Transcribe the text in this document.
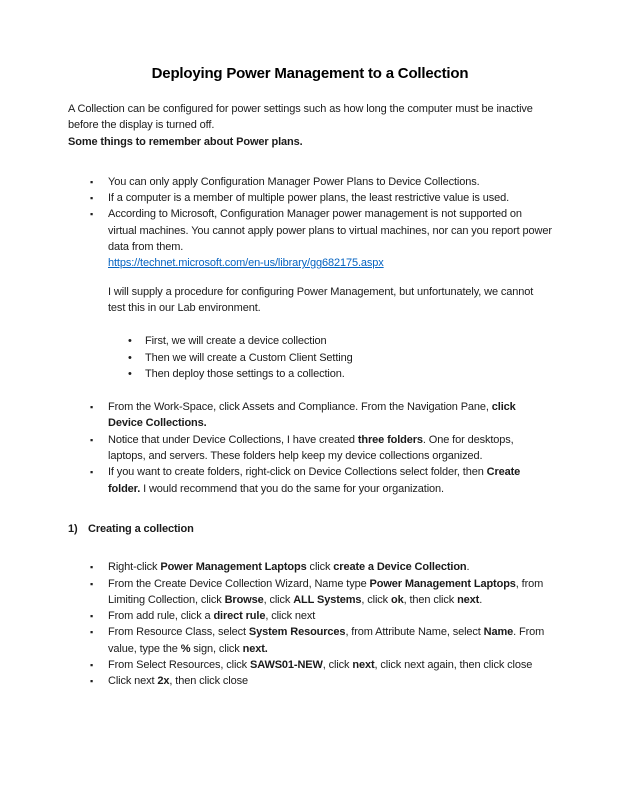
Deploying Power Management to a Collection

A Collection can be configured for power settings such as how long the computer must be inactive before the display is turned off.
Some things to remember about Power plans.

▪	You can only apply Configuration Manager Power Plans to Device Collections.
▪	If a computer is a member of multiple power plans, the least restrictive value is used.
▪	According to Microsoft, Configuration Manager power management is not supported on virtual machines. You cannot apply power plans to virtual machines, nor can you report power data from them.
https://technet.microsoft.com/en-us/library/gg682175.aspx

I will supply a procedure for configuring Power Management, but unfortunately, we cannot test this in our Lab environment.

•	First, we will create a device collection
•	Then we will create a Custom Client Setting
•	Then deploy those settings to a collection.
▪	From the Work-Space, click Assets and Compliance. From the Navigation Pane, click Device Collections.
▪	Notice that under Device Collections, I have created three folders. One for desktops, laptops, and servers. These folders help keep my device collections organized.
▪	If you want to create folders, right-click on Device Collections select folder, then Create folder. I would recommend that you do the same for your organization.
1) Creating a collection
▪	Right-click Power Management Laptops click create a Device Collection.
▪	From the Create Device Collection Wizard, Name type Power Management Laptops, from Limiting Collection, click Browse, click ALL Systems, click ok, then click next.
▪	From add rule, click a direct rule, click next
▪	From Resource Class, select System Resources, from Attribute Name, select Name. From value, type the % sign, click next.
▪	From Select Resources, click SAWS01-NEW, click next, click next again, then click close
▪	Click next 2x, then click close
